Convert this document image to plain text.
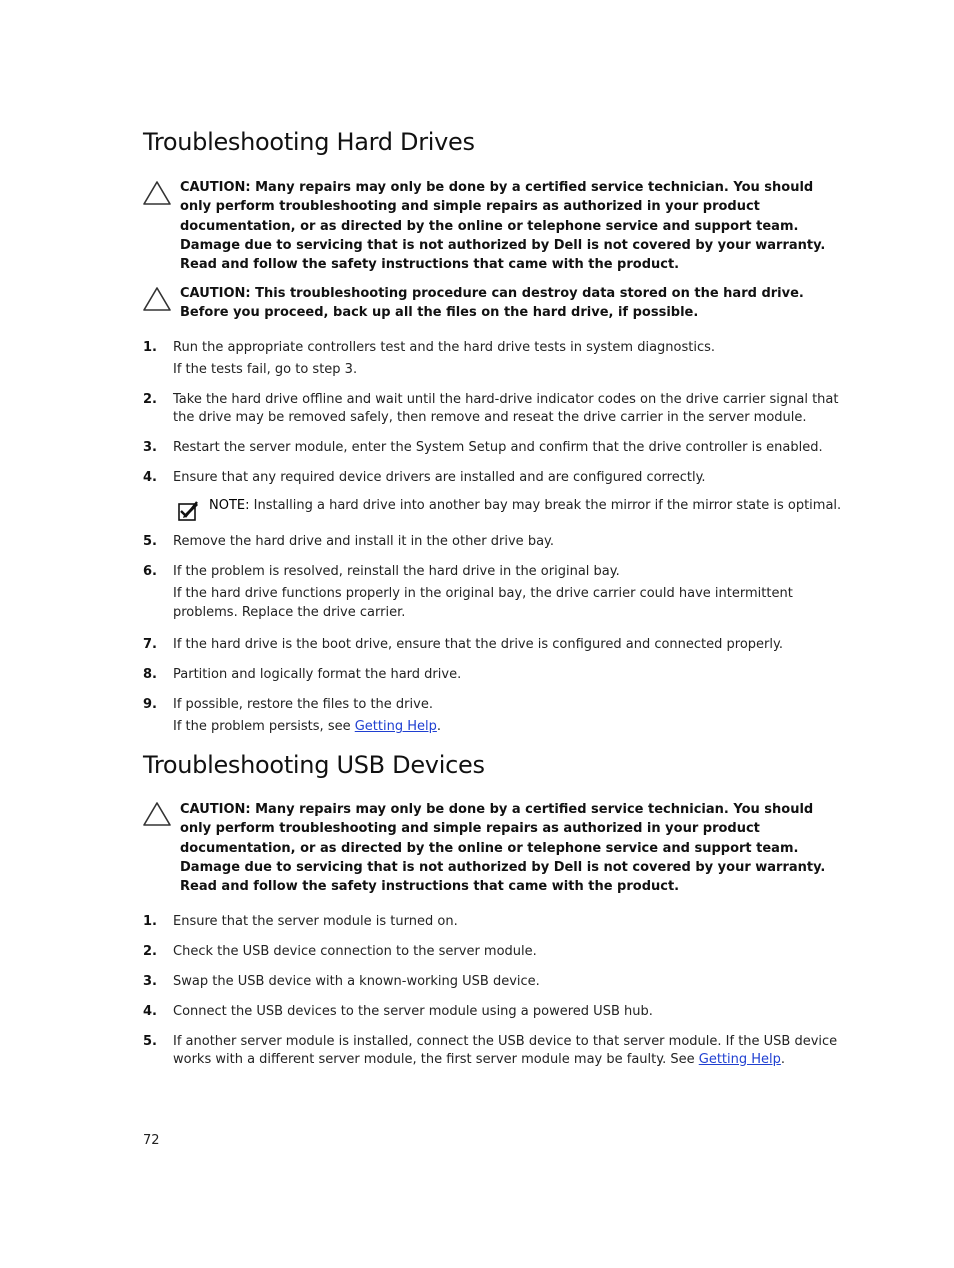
Troubleshooting Hard Drives
CAUTION: Many repairs may only be done by a certified service technician. You should only perform troubleshooting and simple repairs as authorized in your product documentation, or as directed by the online or telephone service and support team. Damage due to servicing that is not authorized by Dell is not covered by your warranty. Read and follow the safety instructions that came with the product.
CAUTION: This troubleshooting procedure can destroy data stored on the hard drive. Before you proceed, back up all the files on the hard drive, if possible.
1. Run the appropriate controllers test and the hard drive tests in system diagnostics.
If the tests fail, go to step 3.
2. Take the hard drive offline and wait until the hard-drive indicator codes on the drive carrier signal that the drive may be removed safely, then remove and reseat the drive carrier in the server module.
3. Restart the server module, enter the System Setup and confirm that the drive controller is enabled.
4. Ensure that any required device drivers are installed and are configured correctly.
NOTE: Installing a hard drive into another bay may break the mirror if the mirror state is optimal.
5. Remove the hard drive and install it in the other drive bay.
6. If the problem is resolved, reinstall the hard drive in the original bay.
If the hard drive functions properly in the original bay, the drive carrier could have intermittent problems. Replace the drive carrier.
7. If the hard drive is the boot drive, ensure that the drive is configured and connected properly.
8. Partition and logically format the hard drive.
9. If possible, restore the files to the drive.
If the problem persists, see Getting Help.
Troubleshooting USB Devices
CAUTION: Many repairs may only be done by a certified service technician. You should only perform troubleshooting and simple repairs as authorized in your product documentation, or as directed by the online or telephone service and support team. Damage due to servicing that is not authorized by Dell is not covered by your warranty. Read and follow the safety instructions that came with the product.
1. Ensure that the server module is turned on.
2. Check the USB device connection to the server module.
3. Swap the USB device with a known-working USB device.
4. Connect the USB devices to the server module using a powered USB hub.
5. If another server module is installed, connect the USB device to that server module. If the USB device works with a different server module, the first server module may be faulty. See Getting Help.
72
